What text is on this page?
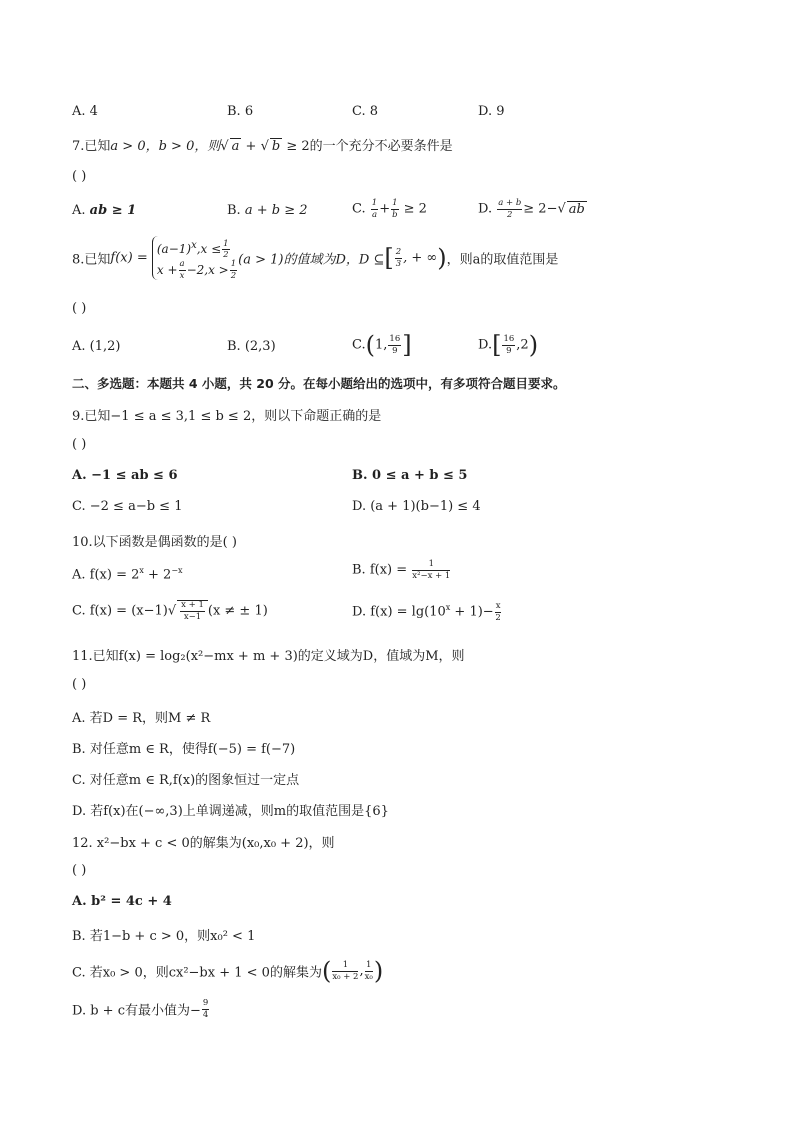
A. 4	B. 6	C. 8	D. 9
7.已知a > 0，b > 0，则√ a + √ b ≥ 2的一个充分不必要条件是
( )
A. ab ≥ 1	B. a + b ≥ 2	C. $\frac{1}{a} + \frac{1}{b} \ge 2$	D. $\frac{a + b}{2} \ge 2-√$ ab
8.已知$f(x) = (a-1)^x,x \le \frac{1}{2}$

$x + \frac{a}{x} -2,x > \frac{1}{2} (a > 1)$的值域为D，D ⊆[ $\frac{2}{3}$ , + ∞)，则a的取值范围是
( )
A. (1,2)	B. (2,3)	C.(1, $\frac{16}{9}$ ]	$D.[ \frac{16}{9} ,2)$
二、多选题：本题共 4 小题，共 20 分。在每小题给出的选项中，有多项符合题目要求。
9.已知−1 ≤ a ≤ 3,1 ≤ b ≤ 2，则以下命题正确的是
( )
A. −1 ≤ ab ≤ 6	B. 0 ≤ a + b ≤ 5
C. −2 ≤ a−b ≤ 1	D. (a + 1)(b−1) ≤ 4
10.以下函数是偶函数的是( )
A. $f(x) = 2^x + 2^{-x}$	B. $f(x) = \frac{1}{\text{x²−x + 1}}$
C. $f(x) = (x-1)√ \frac{x + 1}{x-1} (x$ ≠ ± 1)	D. $f(x) = \lg(10^x + 1)- \frac{x}{2}$
11.已知f(x) = log₂(x²−mx + m + 3)的定义域为D，值域为M，则
( )
A. 若D = R，则M ≠ R
B. 对任意m ∈ R，使得f(−5) = f(−7)
C. 对任意m ∈ R,f(x)的图象恒过一定点
D. 若f(x)在(−∞,3)上单调递减，则m的取值范围是{6}
12. x²−bx + c < 0的解集为(x₀,x₀ + 2)，则
( )
A. b² = 4c + 4
B. 若1−b + c > 0，则x₀² < 1
C. 若x₀ > 0，则cx²−bx + 1 < 0的解集为( $\frac{1}{\text{x₀ + 2}}$ , $\frac{1}{\text{x₀}}$ )
D. b + c有最小值为− $\frac{9}{4}$
